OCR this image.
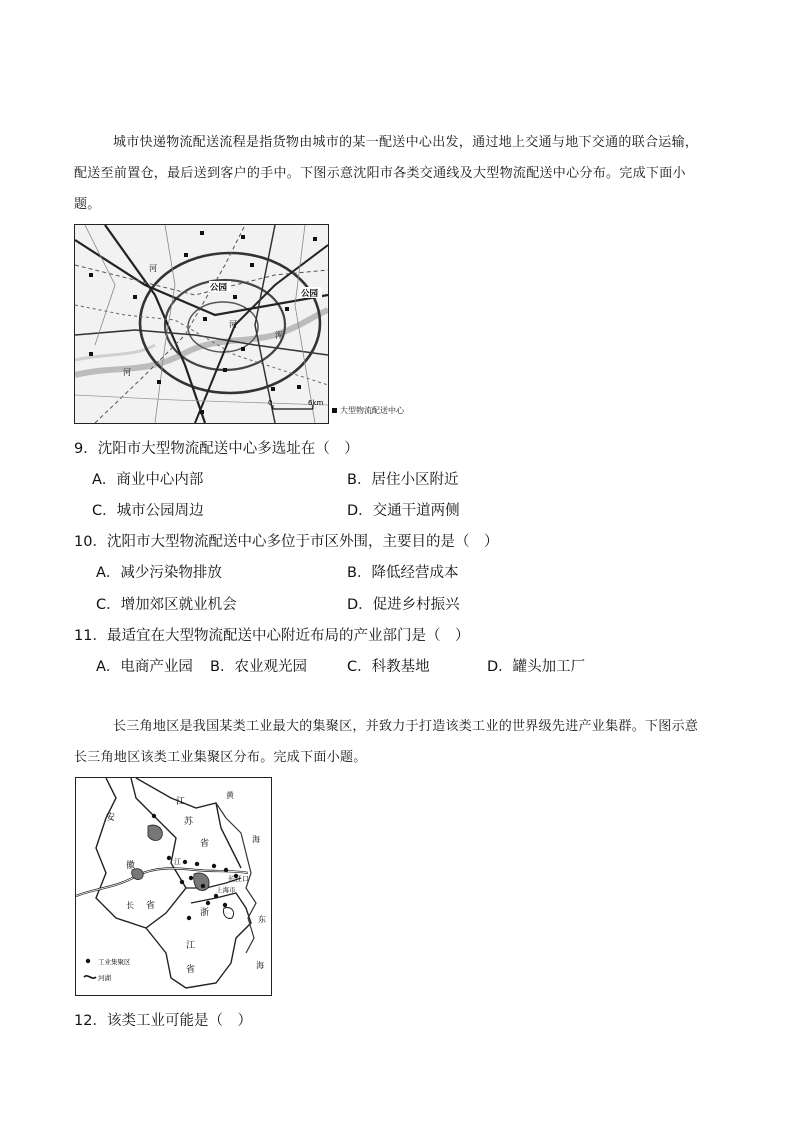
城市快递物流配送流程是指货物由城市的某一配送中心出发，通过地上交通与地下交通的联合运输，
配送至前置仓，最后送到客户的手中。下图示意沈阳市各类交通线及大型物流配送中心分布。完成下面小
题。
0	6km
公园
公园
浑
河
河
河
大型物流配送中心
9．沈阳市大型物流配送中心多选址在（　）
A．商业中心内部	B．居住小区附近
C．城市公园周边	D．交通干道两侧
10．沈阳市大型物流配送中心多位于市区外围，主要目的是（　）
A．减少污染物排放	B．降低经营成本
C．增加郊区就业机会	D．促进乡村振兴
11．最适宜在大型物流配送中心附近布局的产业部门是（　）
A．电商产业园 B．农业观光园	C．科教基地	D．罐头加工厂
长三角地区是我国某类工业最大的集聚区，并致力于打造该类工业的世界级先进产业集群。下图示意
长三角地区该类工业集聚区分布。完成下面小题。
安
江
苏
省
黄
海
徽	江
长 省
长江口
上海市
浙
江
省
东
海
工业集聚区
河湖
12．该类工业可能是（　）
